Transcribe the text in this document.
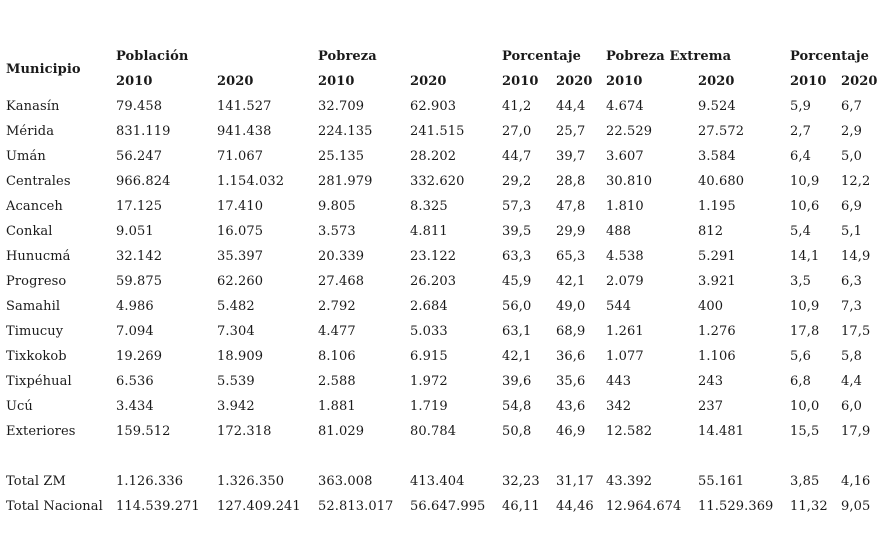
Municipio	Población		Pobreza		Porcentaje		Pobreza Extrema		Porcentaje	
	2010	2020	2010	2020	2010	2020	2010	2020	2010	2020
Kanasín	79.458	141.527	32.709	62.903	41,2	44,4	4.674	9.524	5,9	6,7
Mérida	831.119	941.438	224.135	241.515	27,0	25,7	22.529	27.572	2,7	2,9
Umán	56.247	71.067	25.135	28.202	44,7	39,7	3.607	3.584	6,4	5,0
Centrales	966.824	1.154.032	281.979	332.620	29,2	28,8	30.810	40.680	10,9	12,2
Acanceh	17.125	17.410	9.805	8.325	57,3	47,8	1.810	1.195	10,6	6,9
Conkal	9.051	16.075	3.573	4.811	39,5	29,9	488	812	5,4	5,1
Hunucmá	32.142	35.397	20.339	23.122	63,3	65,3	4.538	5.291	14,1	14,9
Progreso	59.875	62.260	27.468	26.203	45,9	42,1	2.079	3.921	3,5	6,3
Samahil	4.986	5.482	2.792	2.684	56,0	49,0	544	400	10,9	7,3
Timucuy	7.094	7.304	4.477	5.033	63,1	68,9	1.261	1.276	17,8	17,5
Tixkokob	19.269	18.909	8.106	6.915	42,1	36,6	1.077	1.106	5,6	5,8
Tixpéhual	6.536	5.539	2.588	1.972	39,6	35,6	443	243	6,8	4,4
Ucú	3.434	3.942	1.881	1.719	54,8	43,6	342	237	10,0	6,0
Exteriores	159.512	172.318	81.029	80.784	50,8	46,9	12.582	14.481	15,5	17,9

Total ZM	1.126.336	1.326.350	363.008	413.404	32,23	31,17	43.392	55.161	3,85	4,16
Total Nacional	114.539.271	127.409.241	52.813.017	56.647.995	46,11	44,46	12.964.674	11.529.369	11,32	9,05
